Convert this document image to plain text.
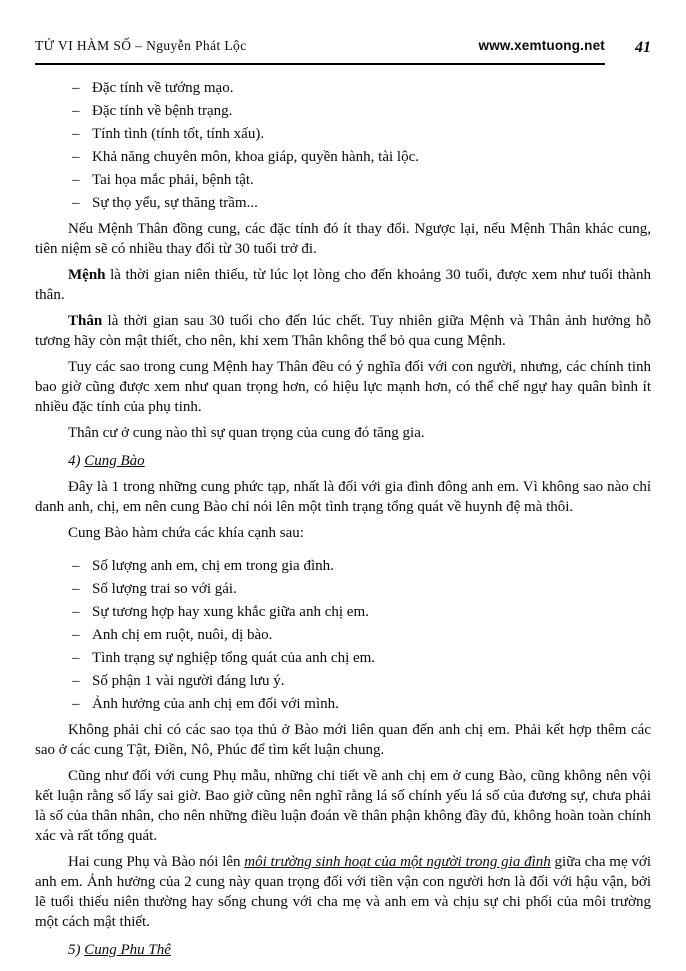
TỬ VI HÀM SỐ – Nguyễn Phát Lộc	www.xemtuong.net	41
– Đặc tính về tướng mạo.
– Đặc tính về bệnh trạng.
– Tính tình (tính tốt, tính xấu).
– Khả năng chuyên môn, khoa giáp, quyền hành, tài lộc.
– Tai họa mắc phải, bệnh tật.
– Sự thọ yểu, sự thăng trầm...

Nếu Mệnh Thân đồng cung, các đặc tính đó ít thay đổi. Ngược lại, nếu Mệnh Thân khác cung, tiên niệm sẽ có nhiều thay đổi từ 30 tuổi trở đi.

Mệnh là thời gian niên thiếu, từ lúc lọt lòng cho đến khoảng 30 tuổi, được xem như tuổi thành thân.

Thân là thời gian sau 30 tuổi cho đến lúc chết. Tuy nhiên giữa Mệnh và Thân ảnh hưởng hỗ tương hãy còn mật thiết, cho nên, khi xem Thân không thể bỏ qua cung Mệnh.

Tuy các sao trong cung Mệnh hay Thân đều có ý nghĩa đối với con người, nhưng, các chính tinh bao giờ cũng được xem như quan trọng hơn, có hiệu lực mạnh hơn, có thể chế ngự hay quân bình ít nhiều đặc tính của phụ tinh.

Thân cư ở cung nào thì sự quan trọng của cung đó tăng gia.

4) Cung Bào

Đây là 1 trong những cung phức tạp, nhất là đối với gia đình đông anh em. Vì không sao nào chỉ danh anh, chị, em nên cung Bào chỉ nói lên một tình trạng tổng quát về huynh đệ mà thôi.

Cung Bào hàm chứa các khía cạnh sau:

– Số lượng anh em, chị em trong gia đình.
– Số lượng trai so với gái.
– Sự tương hợp hay xung khắc giữa anh chị em.
– Anh chị em ruột, nuôi, dị bào.
– Tình trạng sự nghiệp tổng quát của anh chị em.
– Số phận 1 vài người đáng lưu ý.
– Ảnh hưởng của anh chị em đối với mình.

Không phải chỉ có các sao tọa thủ ở Bào mới liên quan đến anh chị em. Phải kết hợp thêm các sao ở các cung Tật, Điền, Nô, Phúc để tìm kết luận chung.

Cũng như đối với cung Phụ mẫu, những chi tiết về anh chị em ở cung Bào, cũng không nên vội kết luận rằng số lấy sai giờ. Bao giờ cũng nên nghĩ rằng lá số chính yếu lá số của đương sự, chưa phải là số của thân nhân, cho nên những điều luận đoán về thân phận không đầy đủ, không hoàn toàn chính xác và rất tổng quát.

Hai cung Phụ và Bào nói lên môi trường sinh hoạt của một người trong gia đình giữa cha mẹ với anh em. Ảnh hưởng của 2 cung này quan trọng đối với tiền vận con người hơn là đối với hậu vận, bởi lẽ tuổi thiếu niên thường hay sống chung với cha mẹ và anh em và chịu sự chi phối của môi trường một cách mật thiết.

5) Cung Phu Thê
